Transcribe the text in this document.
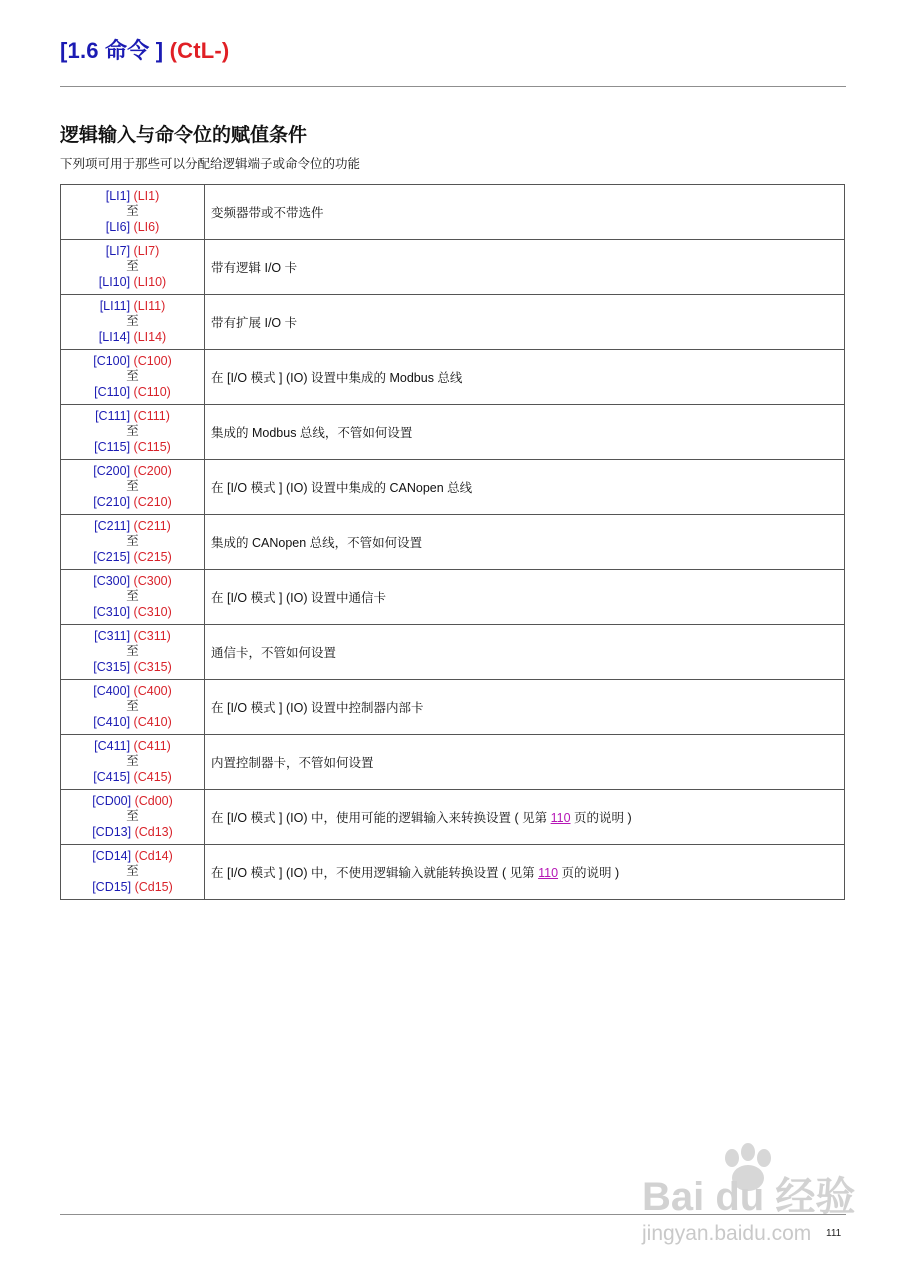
[1.6 命令 ] (CtL-)
逻辑输入与命令位的赋值条件
下列项可用于那些可以分配给逻辑端子或命令位的功能
[LI1] (LI1)
至
[LI6] (LI6)	变频器带或不带选件

[LI7] (LI7)
至
[LI10] (LI10)	带有逻辑 I/O 卡

[LI11] (LI11)
至
[LI14] (LI14)	带有扩展 I/O 卡

[C100] (C100)
至
[C110] (C110)	在 [I/O 模式 ] (IO) 设置中集成的 Modbus 总线

[C111] (C111)
至
[C115] (C115)	集成的 Modbus 总线，不管如何设置

[C200] (C200)
至
[C210] (C210)	在 [I/O 模式 ] (IO) 设置中集成的 CANopen 总线

[C211] (C211)
至
[C215] (C215)	集成的 CANopen 总线，不管如何设置

[C300] (C300)
至
[C310] (C310)	在 [I/O 模式 ] (IO) 设置中通信卡

[C311] (C311)
至
[C315] (C315)	通信卡，不管如何设置

[C400] (C400)
至
[C410] (C410)	在 [I/O 模式 ] (IO) 设置中控制器内部卡

[C411] (C411)
至
[C415] (C415)	内置控制器卡，不管如何设置

[CD00] (Cd00)
至
[CD13] (Cd13)	在 [I/O 模式 ] (IO) 中，使用可能的逻辑输入来转换设置 ( 见第 110 页的说明 )

[CD14] (Cd14)
至
[CD15] (Cd15)	在 [I/O 模式 ] (IO) 中，不使用逻辑输入就能转换设置 ( 见第 110 页的说明 )
Bai du 经验
jingyan.baidu.com 111
